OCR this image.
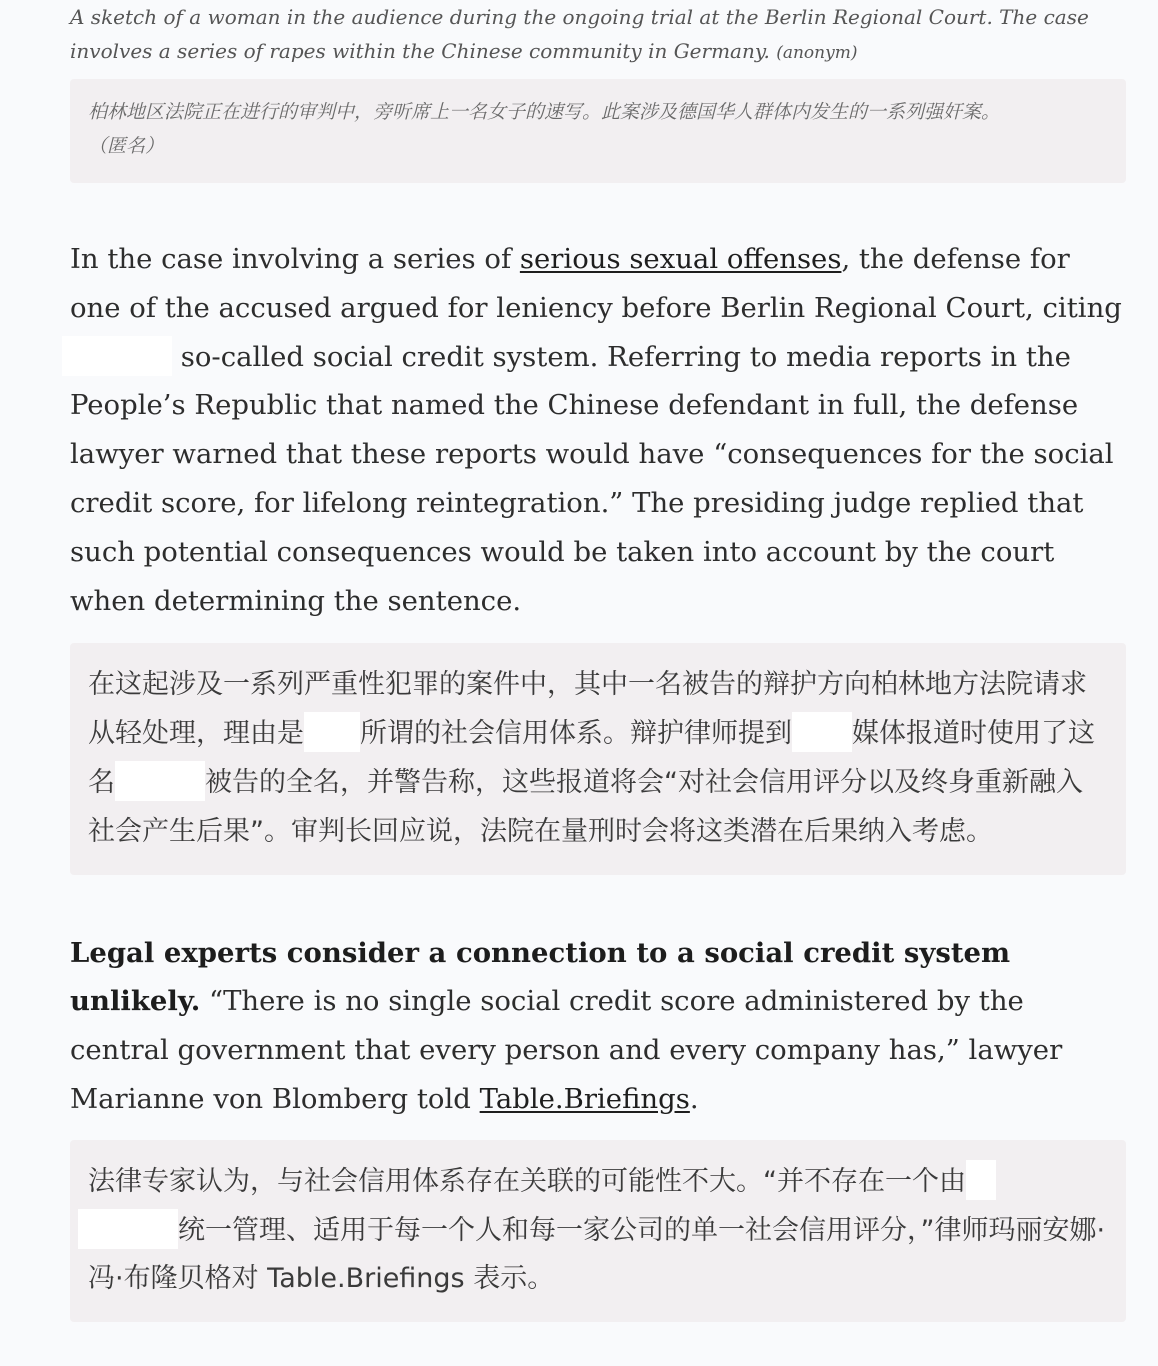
A sketch of a woman in the audience during the ongoing trial at the Berlin Regional Court. The case involves a series of rapes within the Chinese community in Germany. (anonym)

柏林地区法院正在进行的审判中，旁听席上一名女子的速写。此案涉及德国华人群体内发生的一系列强奸案。
（匿名）

In the case involving a series of serious sexual offenses, the defense for one of the accused argued for leniency before Berlin Regional Court, citing  so-called social credit system. Referring to media reports in the People’s Republic that named the Chinese defendant in full, the defense lawyer warned that these reports would have “consequences for the social credit score, for lifelong reintegration.” The presiding judge replied that such potential consequences would be taken into account by the court when determining the sentence.

在这起涉及一系列严重性犯罪的案件中，其中一名被告的辩护方向柏林地方法院请求从轻处理，理由是 所谓的社会信用体系。辩护律师提到 媒体报道时使用了这名	被告的全名，并警告称，这些报道将会“对社会信用评分以及终身重新融入社会产生后果”。审判长回应说，法院在量刑时会将这类潜在后果纳入考虑。

Legal experts consider a connection to a social credit system unlikely. “There is no single social credit score administered by the central government that every person and every company has,” lawyer Marianne von Blomberg told Table.Briefings.

法律专家认为，与社会信用体系存在关联的可能性不大。“并不存在一个由
统一管理、适用于每一个人和每一家公司的单一社会信用评分，”律师玛丽安娜·冯·布隆贝格对 Table.Briefings 表示。
